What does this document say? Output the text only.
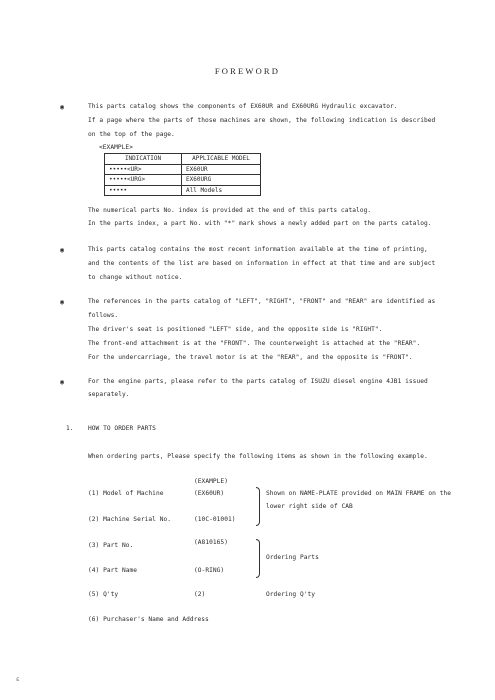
FOREWORD
◉	This parts catalog shows the components of EX60UR and EX60URG Hydraulic excavator.
If a page where the parts of those machines are shown, the following indication is described
on the top of the page.
<EXAMPLE>
INDICATION	APPLICABLE MODEL
•••••<UR>	EX60UR
•••••<URG>	EX60URG
•••••	All Models
The numerical parts No. index is provided at the end of this parts catalog.
In the parts index, a part No. with "*" mark shows a newly added part on the parts catalog.
◉	This parts catalog contains the most recent information available at the time of printing,
and the contents of the list are based on information in effect at that time and are subject
to change without notice.
◉	The references in the parts catalog of "LEFT", "RIGHT", "FRONT" and "REAR" are identified as
follows.
The driver's seat is positioned "LEFT" side, and the opposite side is "RIGHT".
The front-end attachment is at the "FRONT". The counterweight is attached at the "REAR".
For the undercarriage, the travel motor is at the "REAR", and the opposite is "FRONT".
◉	For the engine parts, please refer to the parts catalog of ISUZU diesel engine 4JB1 issued
separately.
1. HOW TO ORDER PARTS
When ordering parts, Please specify the following items as shown in the following example.
(EXAMPLE)
(1) Model of Machine	(EX60UR)
(2) Machine Serial No.	(10C-01001)
Shown on NAME-PLATE provided on MAIN FRAME on the
lower right side of CAB
(3) Part No.	(A810165)
(4) Part Name	(O-RING)
Ordering Parts
(5) Q'ty	(2)	Ordering Q'ty
(6) Purchaser's Name and Address
ɛ
